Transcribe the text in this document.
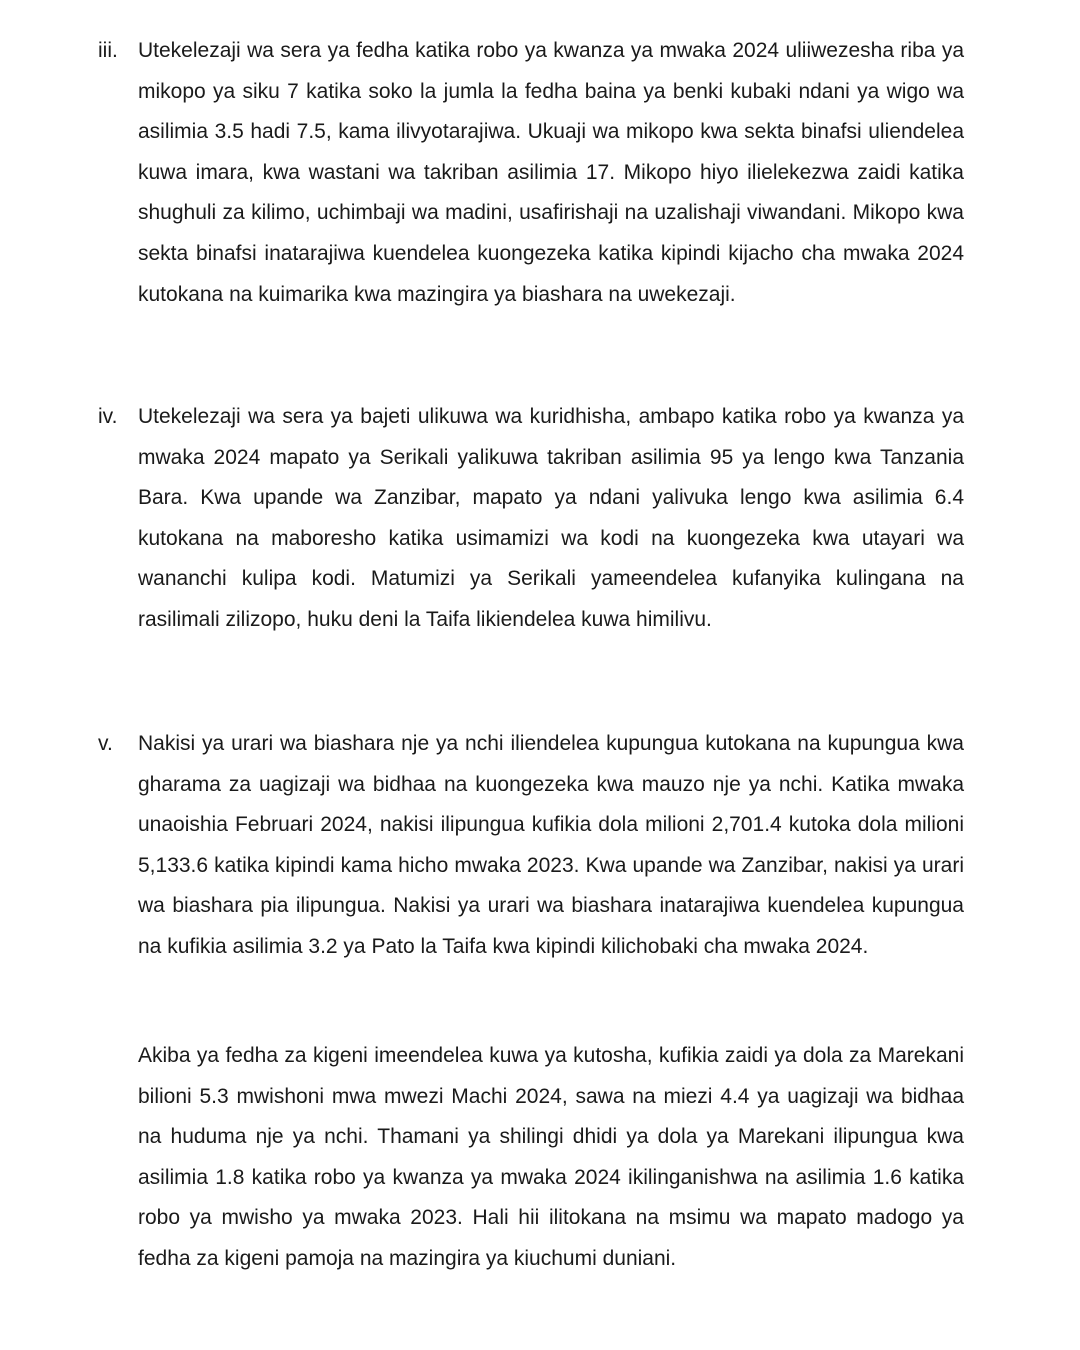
iii. Utekelezaji wa sera ya fedha katika robo ya kwanza ya mwaka 2024 uliiwezesha riba ya mikopo ya siku 7 katika soko la jumla la fedha baina ya benki kubaki ndani ya wigo wa asilimia 3.5 hadi 7.5, kama ilivyotarajiwa. Ukuaji wa mikopo kwa sekta binafsi uliendelea kuwa imara, kwa wastani wa takriban asilimia 17. Mikopo hiyo ilielekezwa zaidi katika shughuli za kilimo, uchimbaji wa madini, usafirishaji na uzalishaji viwandani. Mikopo kwa sekta binafsi inatarajiwa kuendelea kuongezeka katika kipindi kijacho cha mwaka 2024 kutokana na kuimarika kwa mazingira ya biashara na uwekezaji.
iv. Utekelezaji wa sera ya bajeti ulikuwa wa kuridhisha, ambapo katika robo ya kwanza ya mwaka 2024 mapato ya Serikali yalikuwa takriban asilimia 95 ya lengo kwa Tanzania Bara. Kwa upande wa Zanzibar, mapato ya ndani yalivuka lengo kwa asilimia 6.4 kutokana na maboresho katika usimamizi wa kodi na kuongezeka kwa utayari wa wananchi kulipa kodi. Matumizi ya Serikali yameendelea kufanyika kulingana na rasilimali zilizopo, huku deni la Taifa likiendelea kuwa himilivu.
v.	Nakisi ya urari wa biashara nje ya nchi iliendelea kupungua kutokana na kupungua kwa gharama za uagizaji wa bidhaa na kuongezeka kwa mauzo nje ya nchi. Katika mwaka unaoishia Februari 2024, nakisi ilipungua kufikia dola milioni 2,701.4 kutoka dola milioni 5,133.6 katika kipindi kama hicho mwaka 2023. Kwa upande wa Zanzibar, nakisi ya urari wa biashara pia ilipungua. Nakisi ya urari wa biashara inatarajiwa kuendelea kupungua na kufikia asilimia 3.2 ya Pato la Taifa kwa kipindi kilichobaki cha mwaka 2024.
Akiba ya fedha za kigeni imeendelea kuwa ya kutosha, kufikia zaidi ya dola za Marekani bilioni 5.3 mwishoni mwa mwezi Machi 2024, sawa na miezi 4.4 ya uagizaji wa bidhaa na huduma nje ya nchi. Thamani ya shilingi dhidi ya dola ya Marekani ilipungua kwa asilimia 1.8 katika robo ya kwanza ya mwaka 2024 ikilinganishwa na asilimia 1.6 katika robo ya mwisho ya mwaka 2023. Hali hii ilitokana na msimu wa mapato madogo ya fedha za kigeni pamoja na mazingira ya kiuchumi duniani.
